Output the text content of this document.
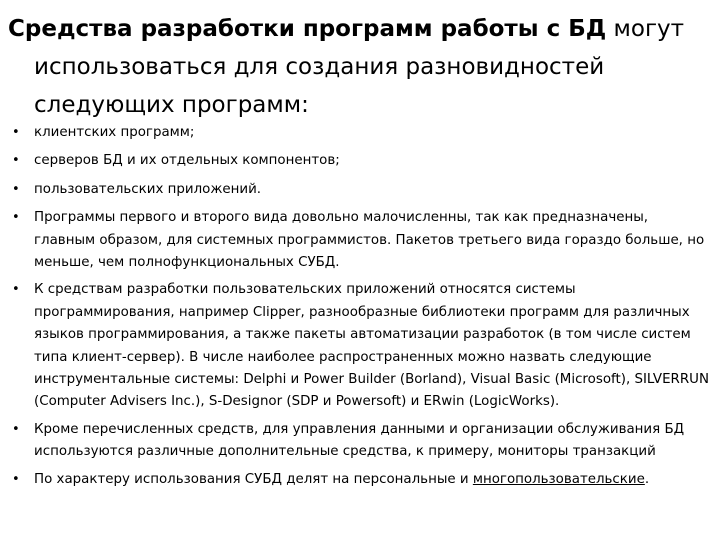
Средства разработки программ работы с БД могут использоваться для создания разновидностей следующих программ:

• клиентских программ;
• серверов БД и их отдельных компонентов;
• пользовательских приложений.
• Программы первого и второго вида довольно малочисленны, так как предназначены, главным образом, для системных программистов. Пакетов третьего вида гораздо больше, но меньше, чем полнофункциональных СУБД.
• К средствам разработки пользовательских приложений относятся системы программирования, например Clipper, разнообразные библиотеки программ для различных языков программирования, а также пакеты автоматизации разработок (в том числе систем типа клиент-сервер). В числе наиболее распространенных можно назвать следующие инструментальные системы: Delphi и Power Builder (Borland), Visual Basic (Microsoft), SILVERRUN (Computer Advisers Inc.), S-Designor (SDP и Powersoft) и ERwin (LogicWorks).
• Кроме перечисленных средств, для управления данными и организации обслуживания БД используются различные дополнительные средства, к примеру, мониторы транзакций
• По характеру использования СУБД делят на персональные и многопользовательские.
